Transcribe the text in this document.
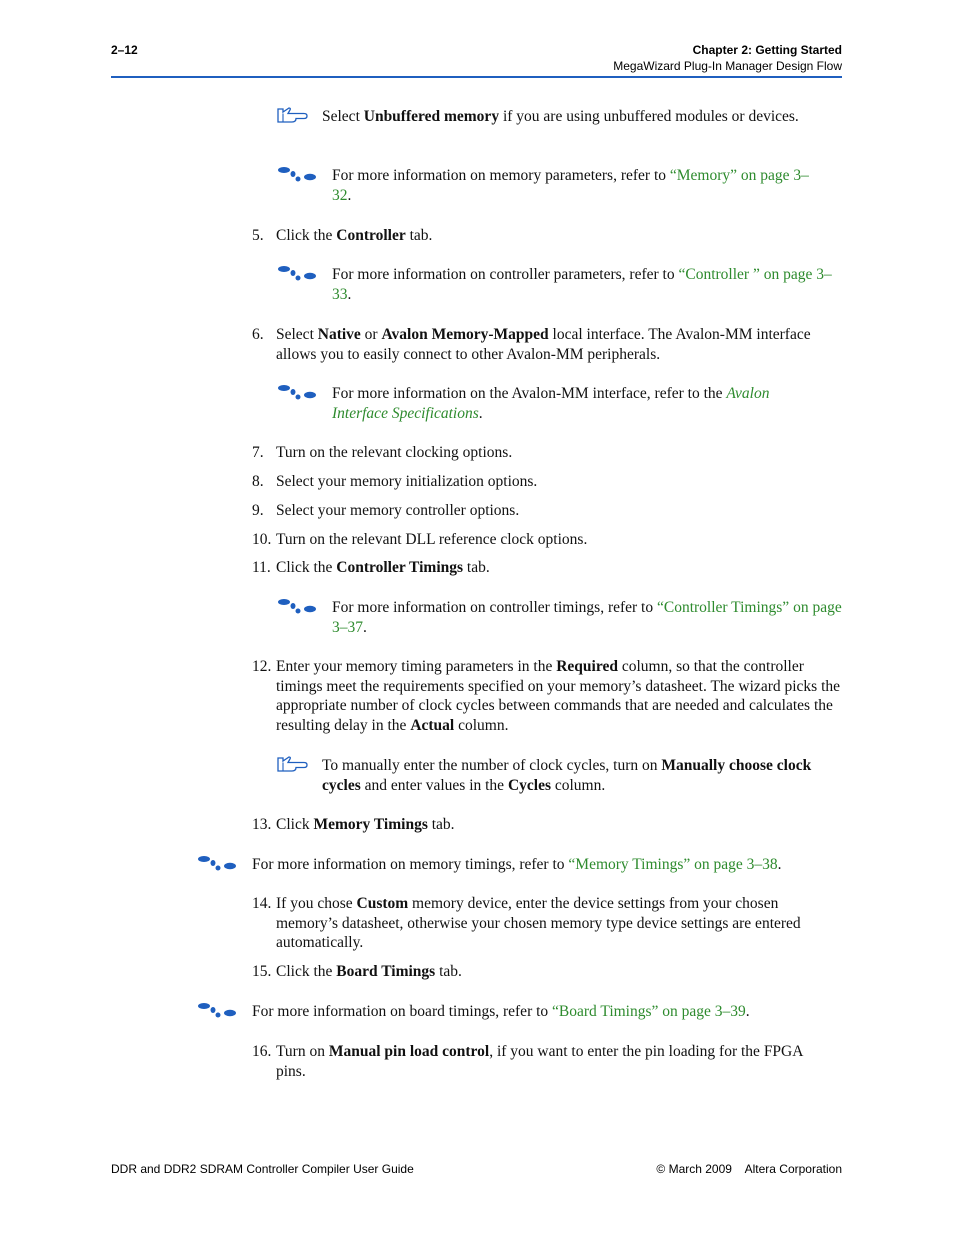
2–12	Chapter 2: Getting Started
MegaWizard Plug-In Manager Design Flow
Select Unbuffered memory if you are using unbuffered modules or devices.
For more information on memory parameters, refer to “Memory” on page 3–32.
5. Click the Controller tab.
For more information on controller parameters, refer to “Controller ” on page 3–33.
6. Select Native or Avalon Memory-Mapped local interface. The Avalon-MM interface allows you to easily connect to other Avalon-MM peripherals.
For more information on the Avalon-MM interface, refer to the Avalon Interface Specifications.
7. Turn on the relevant clocking options.
8. Select your memory initialization options.
9. Select your memory controller options.
10. Turn on the relevant DLL reference clock options.
11. Click the Controller Timings tab.
For more information on controller timings, refer to “Controller Timings” on page 3–37.
12. Enter your memory timing parameters in the Required column, so that the controller timings meet the requirements specified on your memory’s datasheet. The wizard picks the appropriate number of clock cycles between commands that are needed and calculates the resulting delay in the Actual column.
To manually enter the number of clock cycles, turn on Manually choose clock cycles and enter values in the Cycles column.
13. Click Memory Timings tab.
For more information on memory timings, refer to “Memory Timings” on page 3–38.
14. If you chose Custom memory device, enter the device settings from your chosen memory’s datasheet, otherwise your chosen memory type device settings are entered automatically.
15. Click the Board Timings tab.
For more information on board timings, refer to “Board Timings” on page 3–39.
16. Turn on Manual pin load control, if you want to enter the pin loading for the FPGA pins.
DDR and DDR2 SDRAM Controller Compiler User Guide	© March 2009    Altera Corporation
